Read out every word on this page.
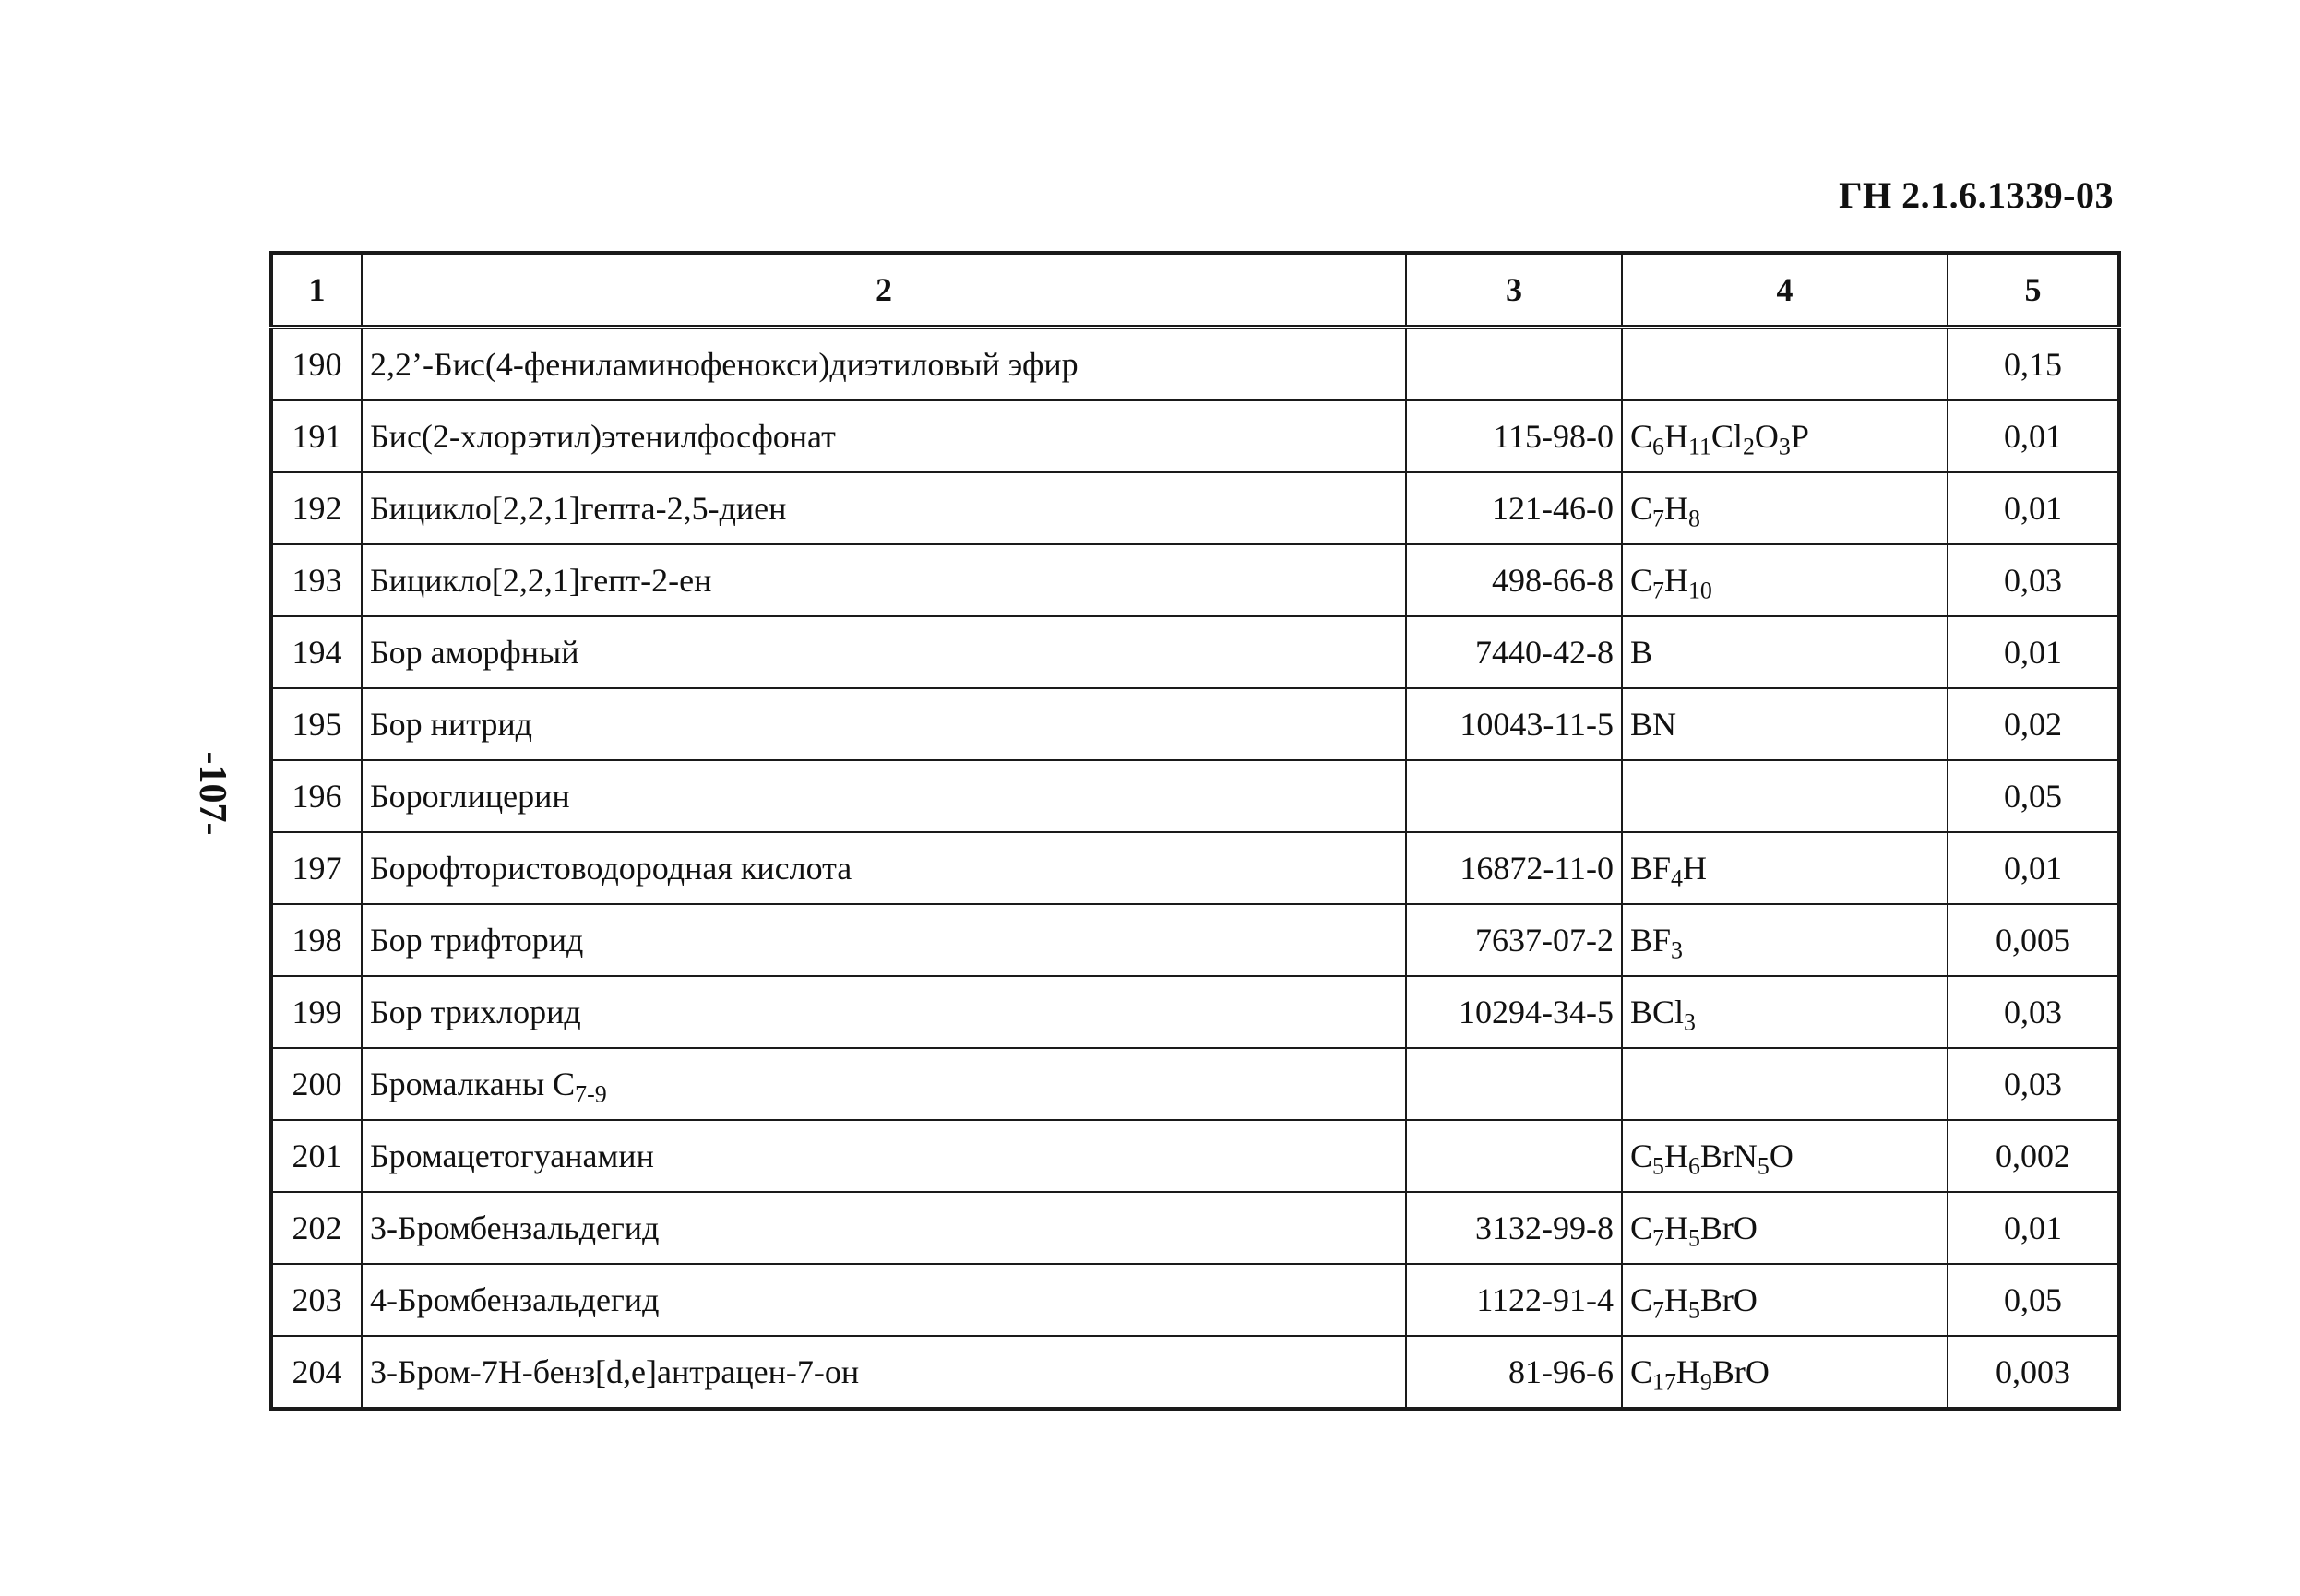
ГН 2.1.6.1339-03
-107-
1	2	3	4	5
190	2,2’-Бис(4-фениламинофенокси)диэтиловый эфир			0,15
191	Бис(2-хлорэтил)этенилфосфонат	115-98-0	$C_6H_{11}Cl_2O_3P$	0,01
192	Бицикло[2,2,1]гепта-2,5-диен	121-46-0	$C_7H_8$	0,01
193	Бицикло[2,2,1]гепт-2-ен	498-66-8	$C_7H_{10}$	0,03
194	Бор аморфный	7440-42-8	B	0,01
195	Бор нитрид	10043-11-5	BN	0,02
196	Бороглицерин			0,05
197	Борофтористоводородная кислота	16872-11-0	$BF_4H$	0,01
198	Бор трифторид	7637-07-2	$BF_3$	0,005
199	Бор трихлорид	10294-34-5	BCl$_3$	0,03
200	Бромалканы $C_{7-9}$			0,03
201	Бромацетогуанамин		$C_5H_6BrN_5O$	0,002
202	3-Бромбензальдегид	3132-99-8	$C_7H_5BrO$	0,01
203	4-Бромбензальдегид	1122-91-4	$C_7H_5BrO$	0,05
204	3-Бром-7H-бенз[d,e]антрацен-7-он	81-96-6	$C_{17}H_9BrO$	0,003
